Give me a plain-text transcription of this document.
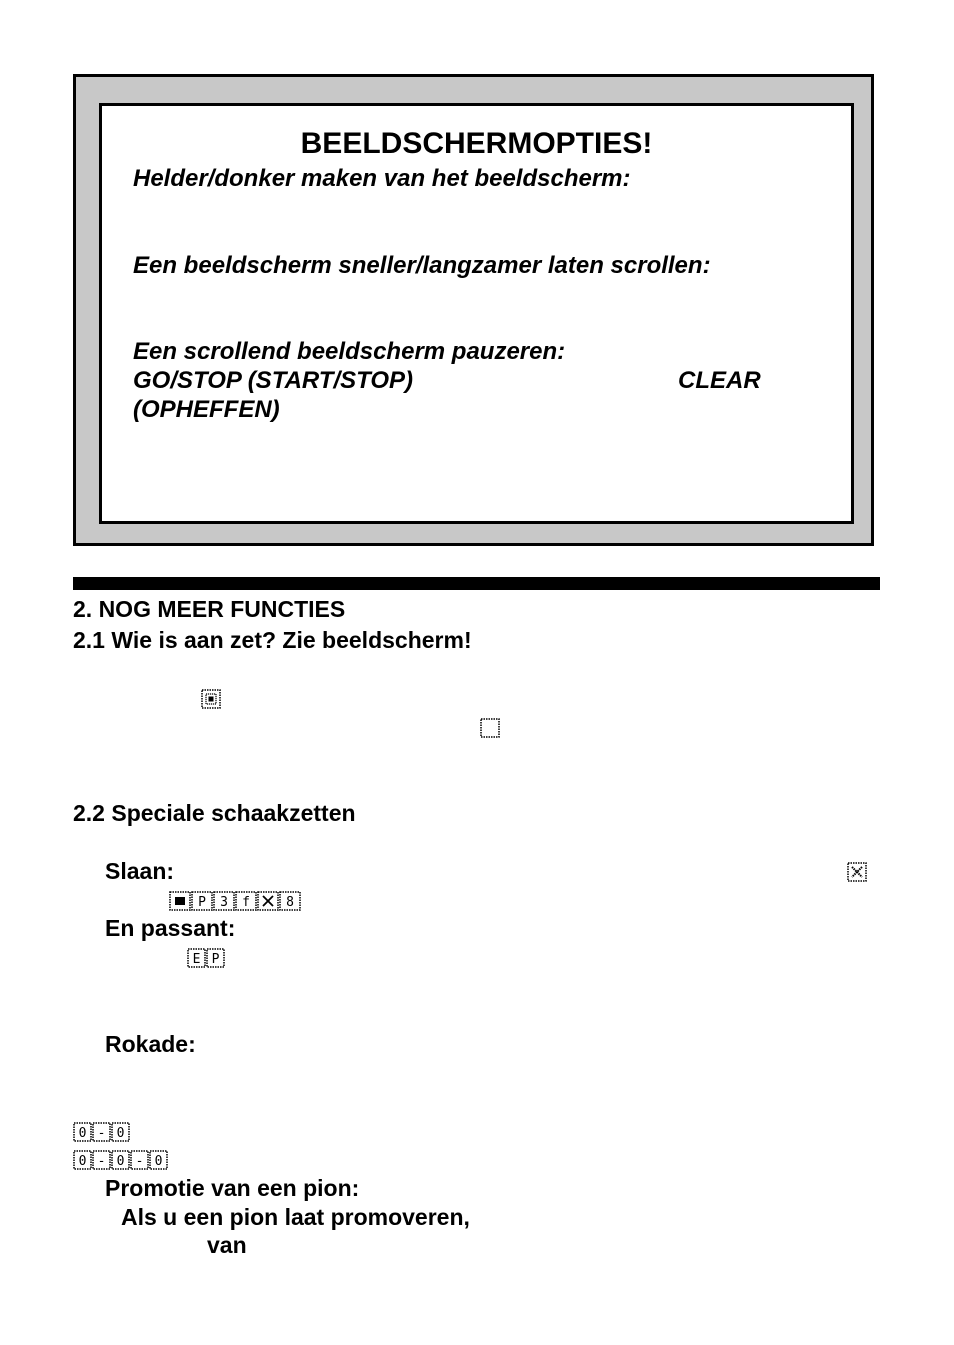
BEELDSCHERMOPTIES!
Helder/donker maken van het beeldscherm:
Een beeldscherm sneller/langzamer laten scrollen:
Een scrollend beeldscherm pauzeren:
GO/STOP (START/STOP)	CLEAR
(OPHEFFEN)
2. NOG MEER FUNCTIES
2.1 Wie is aan zet? Zie beeldscherm!
2.2 Speciale schaakzetten
Slaan:
P 3 f	8
En passant:
E P
Rokade:
0 - 0
0 - 0 - 0
Promotie van een pion:
Als u een pion laat promoveren,
van
